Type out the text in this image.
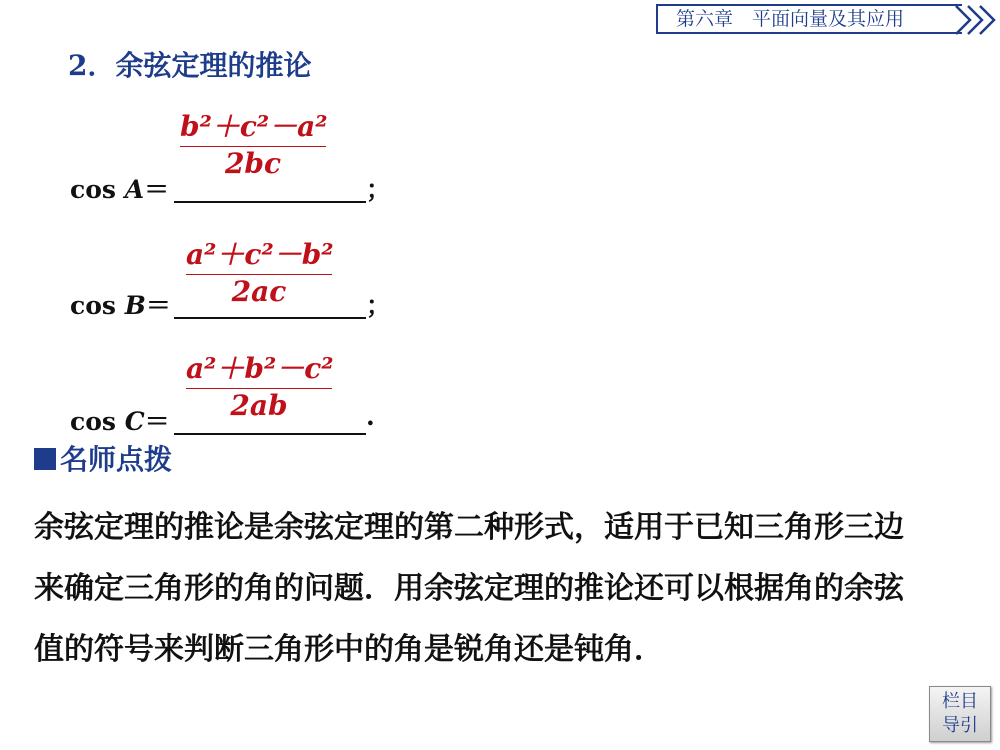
第六章　平面向量及其应用
2．余弦定理的推论
cos A＝	；
b²＋c²－a²
2bc
cos B＝	；
a²＋c²－b²
2ac
cos C＝	.
a²＋b²－c²
2ab
名师点拨
余弦定理的推论是余弦定理的第二种形式，适用于已知三角形三边
来确定三角形的角的问题．用余弦定理的推论还可以根据角的余弦
值的符号来判断三角形中的角是锐角还是钝角．
栏目
导引
